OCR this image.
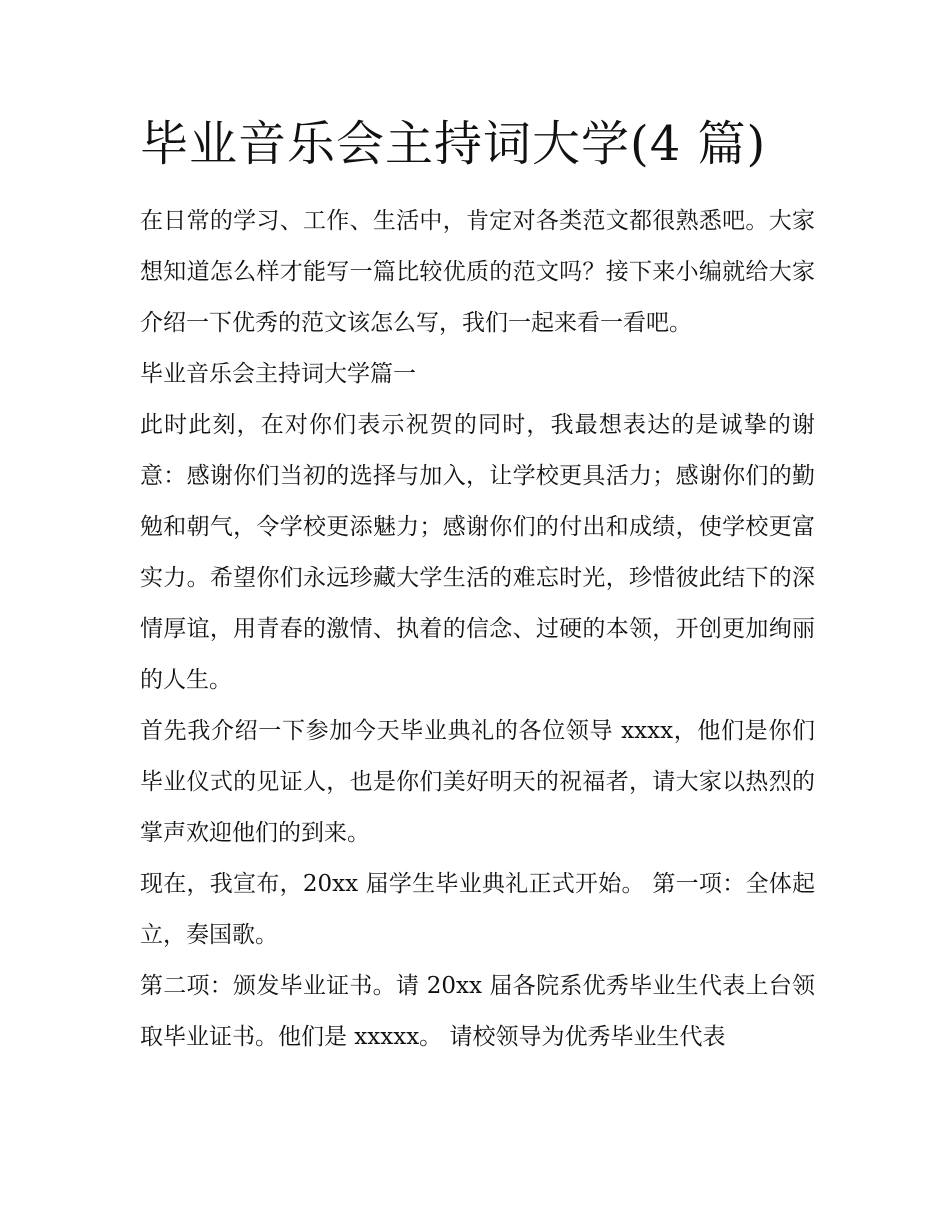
毕业音乐会主持词大学(4 篇)

在日常的学习、工作、生活中，肯定对各类范文都很熟悉吧。大家想知道怎么样才能写一篇比较优质的范文吗？接下来小编就给大家介绍一下优秀的范文该怎么写，我们一起来看一看吧。

毕业音乐会主持词大学篇一

此时此刻，在对你们表示祝贺的同时，我最想表达的是诚挚的谢意：感谢你们当初的选择与加入，让学校更具活力；感谢你们的勤勉和朝气，令学校更添魅力；感谢你们的付出和成绩，使学校更富实力。希望你们永远珍藏大学生活的难忘时光，珍惜彼此结下的深情厚谊，用青春的激情、执着的信念、过硬的本领，开创更加绚丽的人生。

首先我介绍一下参加今天毕业典礼的各位领导 xxxx，他们是你们毕业仪式的见证人，也是你们美好明天的祝福者，请大家以热烈的掌声欢迎他们的到来。

现在，我宣布，20xx 届学生毕业典礼正式开始。 第一项：全体起立，奏国歌。

第二项：颁发毕业证书。请 20xx 届各院系优秀毕业生代表上台领取毕业证书。他们是 xxxxx。 请校领导为优秀毕业生代表
